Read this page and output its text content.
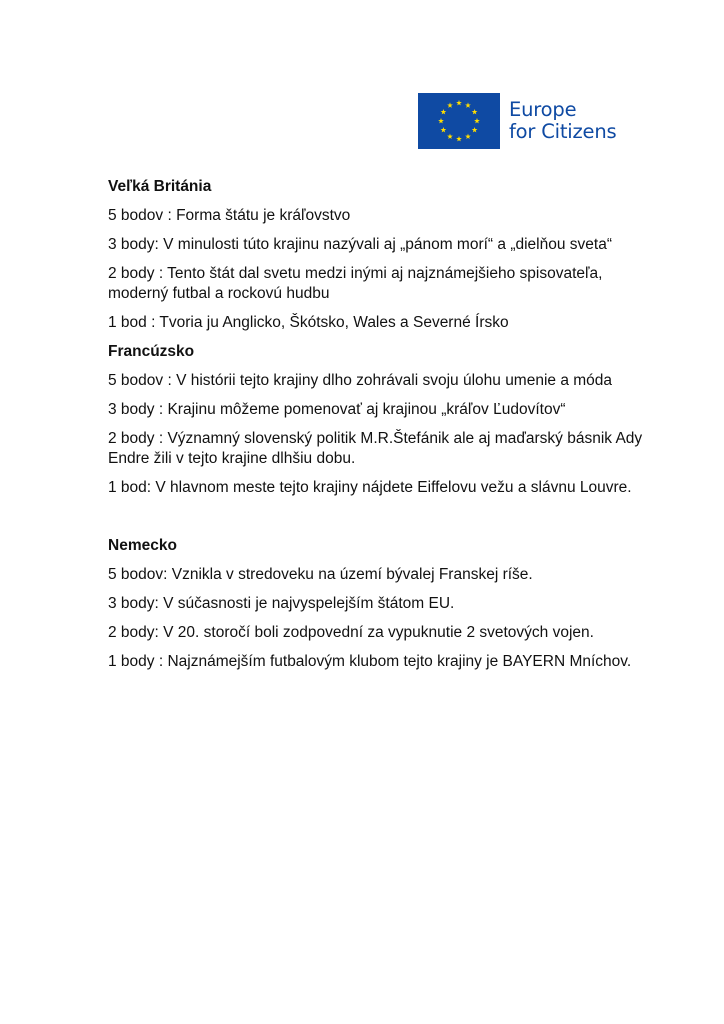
Europe
for Citizens
Veľká Británia
5 bodov : Forma štátu je kráľovstvo
3 body: V minulosti túto krajinu nazývali aj „pánom morí“ a „dielňou sveta“
2 body : Tento štát dal svetu medzi inými aj najznámejšieho spisovateľa, moderný futbal a rockovú hudbu
1 bod : Tvoria ju Anglicko, Škótsko, Wales a Severné Írsko
Francúzsko
5 bodov : V histórii tejto krajiny dlho zohrávali svoju úlohu umenie a móda
3 body : Krajinu môžeme pomenovať aj krajinou „kráľov Ľudovítov“
2 body : Významný slovenský politik M.R.Štefánik ale aj maďarský básnik Ady Endre žili v tejto krajine dlhšiu dobu.
1 bod: V hlavnom meste tejto krajiny nájdete Eiffelovu vežu a slávnu Louvre.
Nemecko
5 bodov: Vznikla v stredoveku na území bývalej Franskej ríše.
3 body: V súčasnosti je najvyspelejším štátom EU.
2 body: V 20. storočí boli zodpovední za vypuknutie 2 svetových vojen.
1 body : Najznámejším futbalovým klubom tejto krajiny je BAYERN Mníchov.
